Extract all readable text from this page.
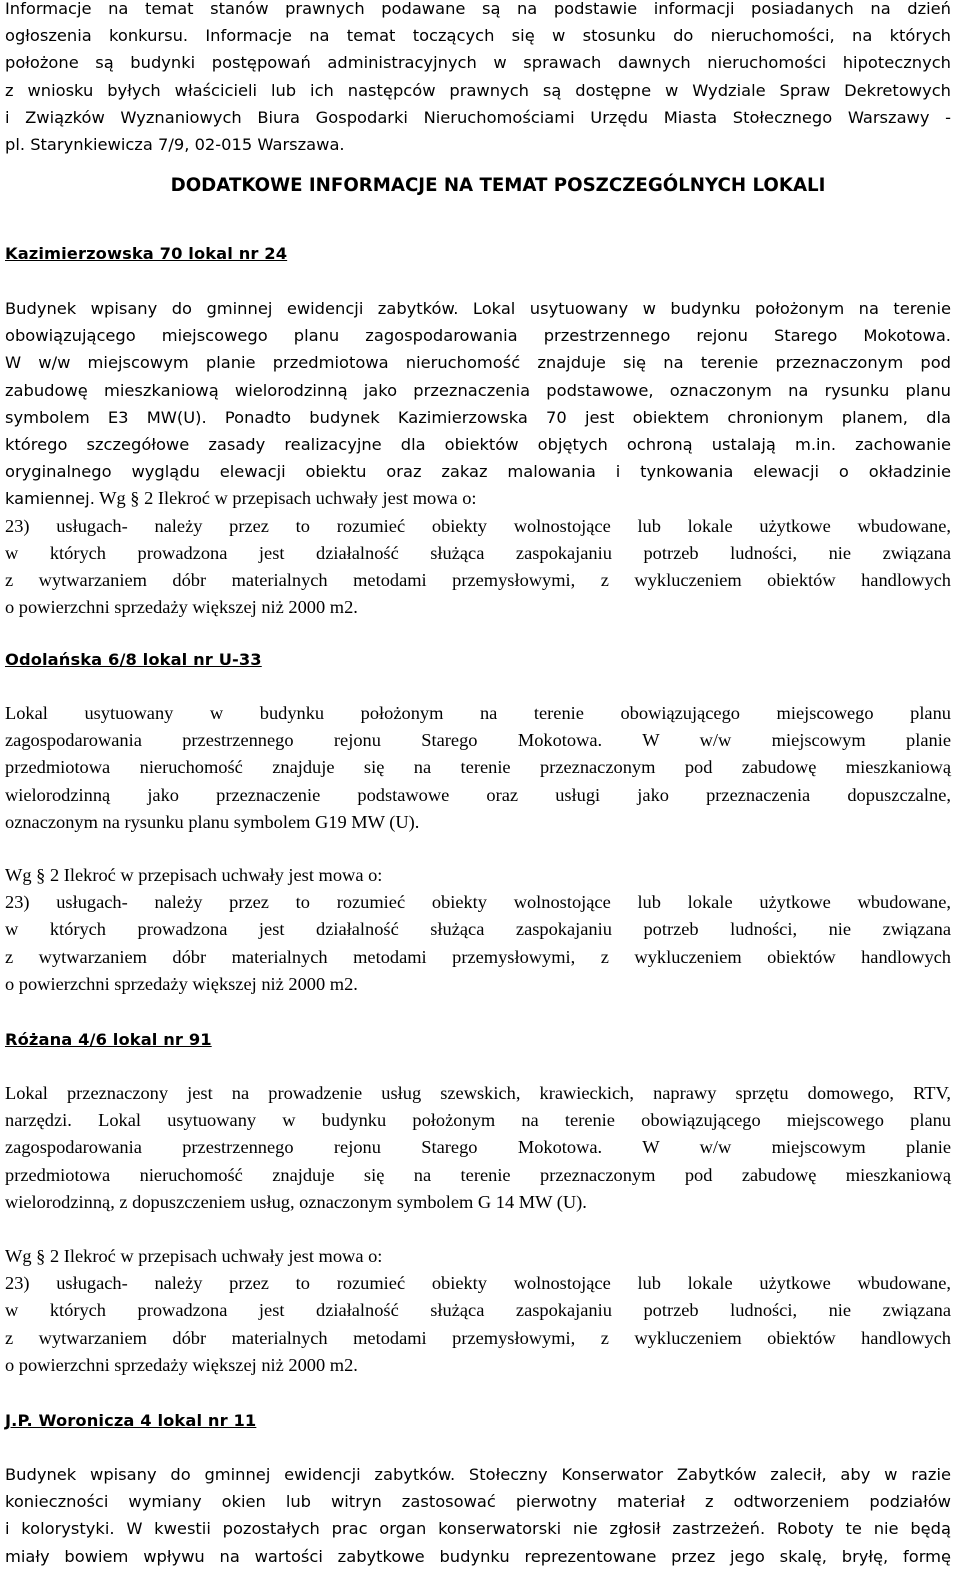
Informacje na temat stanów prawnych podawane są na podstawie informacji posiadanych na dzień

ogłoszenia konkursu. Informacje na temat toczących się w stosunku do nieruchomości, na których

położone są budynki postępowań administracyjnych w sprawach dawnych nieruchomości hipotecznych

z wniosku byłych właścicieli lub ich następców prawnych są dostępne w Wydziale Spraw Dekretowych

i Związków Wyznaniowych Biura Gospodarki Nieruchomościami Urzędu Miasta Stołecznego Warszawy -

pl. Starynkiewicza 7/9, 02-015 Warszawa.

DODATKOWE INFORMACJE NA TEMAT POSZCZEGÓLNYCH LOKALI
Kazimierzowska 70 lokal nr 24

Budynek wpisany do gminnej ewidencji zabytków. Lokal usytuowany w budynku położonym na terenie

obowiązującego miejscowego planu zagospodarowania przestrzennego rejonu Starego Mokotowa.

W w/w miejscowym planie przedmiotowa nieruchomość znajduje się na terenie przeznaczonym pod

zabudowę mieszkaniową wielorodzinną jako przeznaczenia podstawowe, oznaczonym na rysunku planu

symbolem E3 MW(U). Ponadto budynek Kazimierzowska 70 jest obiektem chronionym planem, dla

którego szczegółowe zasady realizacyjne dla obiektów objętych ochroną ustalają m.in. zachowanie

oryginalnego wyglądu elewacji obiektu oraz zakaz malowania i tynkowania elewacji o okładzinie

kamiennej. Wg § 2 Ilekroć w przepisach uchwały jest mowa o:

23) usługach- należy przez to rozumieć obiekty wolnostojące lub lokale użytkowe wbudowane,

w których prowadzona jest działalność służąca zaspokajaniu potrzeb ludności, nie związana

z wytwarzaniem dóbr materialnych metodami przemysłowymi, z wykluczeniem obiektów handlowych

o powierzchni sprzedaży większej niż 2000 m2.

Odolańska 6/8 lokal nr U-33

Lokal usytuowany w budynku położonym na terenie obowiązującego miejscowego planu

zagospodarowania przestrzennego rejonu Starego Mokotowa. W w/w miejscowym planie

przedmiotowa nieruchomość znajduje się na terenie przeznaczonym pod zabudowę mieszkaniową

wielorodzinną jako przeznaczenie podstawowe oraz usługi jako przeznaczenia dopuszczalne,

oznaczonym na rysunku planu symbolem G19 MW (U).

Wg § 2 Ilekroć w przepisach uchwały jest mowa o:

23) usługach- należy przez to rozumieć obiekty wolnostojące lub lokale użytkowe wbudowane,

w których prowadzona jest działalność służąca zaspokajaniu potrzeb ludności, nie związana

z wytwarzaniem dóbr materialnych metodami przemysłowymi, z wykluczeniem obiektów handlowych

o powierzchni sprzedaży większej niż 2000 m2.

Różana 4/6 lokal nr 91

Lokal przeznaczony jest na prowadzenie usług szewskich, krawieckich, naprawy sprzętu domowego, RTV,

narzędzi. Lokal usytuowany w budynku położonym na terenie obowiązującego miejscowego planu

zagospodarowania przestrzennego rejonu Starego Mokotowa. W w/w miejscowym planie

przedmiotowa nieruchomość znajduje się na terenie przeznaczonym pod zabudowę mieszkaniową

wielorodzinną, z dopuszczeniem usług, oznaczonym symbolem G 14 MW (U).

Wg § 2 Ilekroć w przepisach uchwały jest mowa o:

23) usługach- należy przez to rozumieć obiekty wolnostojące lub lokale użytkowe wbudowane,

w których prowadzona jest działalność służąca zaspokajaniu potrzeb ludności, nie związana

z wytwarzaniem dóbr materialnych metodami przemysłowymi, z wykluczeniem obiektów handlowych

o powierzchni sprzedaży większej niż 2000 m2.

J.P. Woronicza 4 lokal nr 11

Budynek wpisany do gminnej ewidencji zabytków. Stołeczny Konserwator Zabytków zalecił, aby w razie

konieczności wymiany okien lub witryn zastosować pierwotny materiał z odtworzeniem podziałów

i kolorystyki. W kwestii pozostałych prac organ konserwatorski nie zgłosił zastrzeżeń. Roboty te nie będą

miały bowiem wpływu na wartości zabytkowe budynku reprezentowane przez jego skalę, bryłę, formę
